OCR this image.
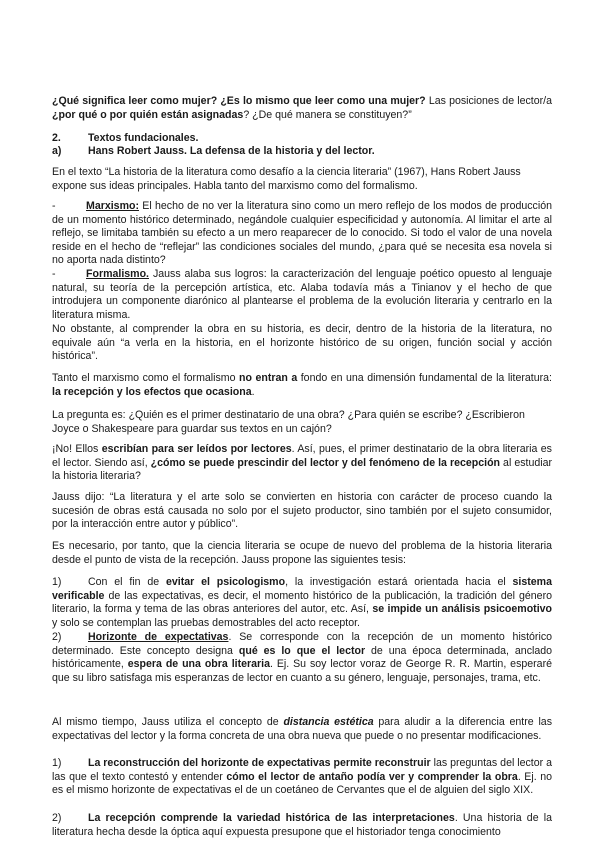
¿Qué significa leer como mujer? ¿Es lo mismo que leer como una mujer? Las posiciones de lector/a ¿por qué o por quién están asignadas? ¿De qué manera se constituyen?”

2.	Textos fundacionales.

a)	Hans Robert Jauss. La defensa de la historia y del lector.

En el texto “La historia de la literatura como desafío a la ciencia literaria” (1967), Hans Robert Jauss expone sus ideas principales. Habla tanto del marxismo como del formalismo.

-	Marxismo: El hecho de no ver la literatura sino como un mero reflejo de los modos de producción de un momento histórico determinado, negándole cualquier especificidad y autonomía. Al limitar el arte al reflejo, se limitaba también su efecto a un mero reaparecer de lo conocido. Si todo el valor de una novela reside en el hecho de “reflejar” las condiciones sociales del mundo, ¿para qué se necesita esa novela si no aporta nada distinto?

-	Formalismo. Jauss alaba sus logros: la caracterización del lenguaje poético opuesto al lenguaje natural, su teoría de la percepción artística, etc. Alaba todavía más a Tinianov y el hecho de que introdujera un componente diarónico al plantearse el problema de la evolución literaria y centrarlo en la literatura misma.

No obstante, al comprender la obra en su historia, es decir, dentro de la historia de la literatura, no equivale aún “a verla en la historia, en el horizonte histórico de su origen, función social y acción histórica”.

Tanto el marxismo como el formalismo no entran a fondo en una dimensión fundamental de la literatura: la recepción y los efectos que ocasiona.

La pregunta es: ¿Quién es el primer destinatario de una obra? ¿Para quién se escribe? ¿Escribieron Joyce o Shakespeare para guardar sus textos en un cajón?

¡No! Ellos escribían para ser leídos por lectores. Así, pues, el primer destinatario de la obra literaria es el lector. Siendo así, ¿cómo se puede prescindir del lector y del fenómeno de la recepción al estudiar la historia literaria?

Jauss dijo: “La literatura y el arte solo se convierten en historia con carácter de proceso cuando la sucesión de obras está causada no solo por el sujeto productor, sino también por el sujeto consumidor, por la interacción entre autor y público”.

Es necesario, por tanto, que la ciencia literaria se ocupe de nuevo del problema de la historia literaria desde el punto de vista de la recepción. Jauss propone las siguientes tesis:

1)	Con el fin de evitar el psicologismo, la investigación estará orientada hacia el sistema verificable de las expectativas, es decir, el momento histórico de la publicación, la tradición del género literario, la forma y tema de las obras anteriores del autor, etc. Así, se impide un análisis psicoemotivo y solo se contemplan las pruebas demostrables del acto receptor.

2)	Horizonte de expectativas. Se corresponde con la recepción de un momento histórico determinado. Este concepto designa qué es lo que el lector de una época determinada, anclado históricamente, espera de una obra literaria. Ej. Su soy lector voraz de George R. R. Martin, esperaré que su libro satisfaga mis esperanzas de lector en cuanto a su género, lenguaje, personajes, trama, etc.

Al mismo tiempo, Jauss utiliza el concepto de distancia estética para aludir a la diferencia entre las expectativas del lector y la forma concreta de una obra nueva que puede o no presentar modificaciones.

1)	La reconstrucción del horizonte de expectativas permite reconstruir las preguntas del lector a las que el texto contestó y entender cómo el lector de antaño podía ver y comprender la obra. Ej. no es el mismo horizonte de expectativas el de un coetáneo de Cervantes que el de alguien del siglo XIX.

2)	La recepción comprende la variedad histórica de las interpretaciones. Una historia de la literatura hecha desde la óptica aquí expuesta presupone que el historiador tenga conocimiento
